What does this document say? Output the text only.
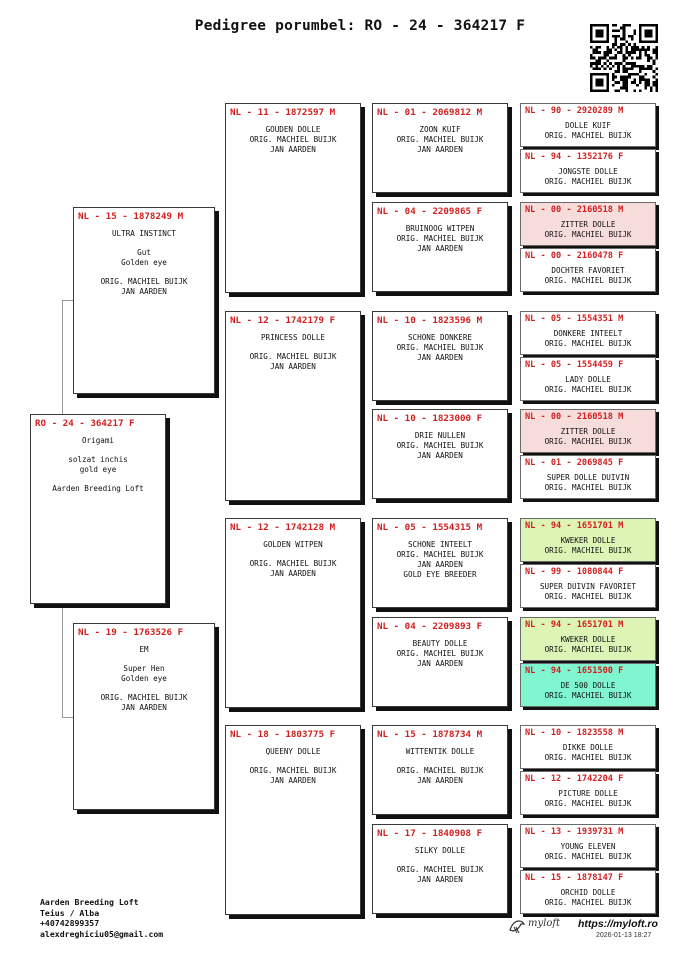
Pedigree porumbel: RO - 24 - 364217 F
RO - 24 - 364217 F
Origami
solzat inchis
gold eye
Aarden Breeding Loft
NL - 15 - 1878249 M
ULTRA INSTINCT
Gut
Golden eye
ORIG. MACHIEL BUIJK
JAN AARDEN
NL - 19 - 1763526 F
EM
Super Hen
Golden eye
ORIG. MACHIEL BUIJK
JAN AARDEN
NL - 11 - 1872597 M
GOUDEN DOLLE
ORIG. MACHIEL BUIJK
JAN AARDEN
NL - 12 - 1742179 F
PRINCESS DOLLE
ORIG. MACHIEL BUIJK
JAN AARDEN
NL - 12 - 1742128 M
GOLDEN WITPEN
ORIG. MACHIEL BUIJK
JAN AARDEN
NL - 18 - 1803775 F
QUEENY DOLLE
ORIG. MACHIEL BUIJK
JAN AARDEN
NL - 01 - 2069812 M
ZOON KUIF
ORIG. MACHIEL BUIJK
JAN AARDEN
NL - 04 - 2209865 F
BRUINOOG WITPEN
ORIG. MACHIEL BUIJK
JAN AARDEN
NL - 10 - 1823596 M
SCHONE DONKERE
ORIG. MACHIEL BUIJK
JAN AARDEN
NL - 10 - 1823000 F
DRIE NULLEN
ORIG. MACHIEL BUIJK
JAN AARDEN
NL - 05 - 1554315 M
SCHONE INTEELT
ORIG. MACHIEL BUIJK
JAN AARDEN
GOLD EYE BREEDER
NL - 04 - 2209893 F
BEAUTY DOLLE
ORIG. MACHIEL BUIJK
JAN AARDEN
NL - 15 - 1878734 M
WITTENTIK DOLLE
ORIG. MACHIEL BUIJK
JAN AARDEN
NL - 17 - 1840908 F
SILKY DOLLE
ORIG. MACHIEL BUIJK
JAN AARDEN
NL - 90 - 2920289 M
DOLLE KUIF
ORIG. MACHIEL BUIJK
NL - 94 - 1352176 F
JONGSTE DOLLE
ORIG. MACHIEL BUIJK
NL - 00 - 2160518 M
ZITTER DOLLE
ORIG. MACHIEL BUIJK
NL - 00 - 2160478 F
DOCHTER FAVORIET
ORIG. MACHIEL BUIJK
NL - 05 - 1554351 M
DONKERE INTEELT
ORIG. MACHIEL BUIJK
NL - 05 - 1554459 F
LADY DOLLE
ORIG. MACHIEL BUIJK
NL - 00 - 2160518 M
ZITTER DOLLE
ORIG. MACHIEL BUIJK
NL - 01 - 2069845 F
SUPER DOLLE DUIVIN
ORIG. MACHIEL BUIJK
NL - 94 - 1651701 M
KWEKER DOLLE
ORIG. MACHIEL BUIJK
NL - 99 - 1080844 F
SUPER DUIVIN FAVORIET
ORIG. MACHIEL BUIJK
NL - 94 - 1651701 M
KWEKER DOLLE
ORIG. MACHIEL BUIJK
NL - 94 - 1651500 F
DE 500 DOLLE
ORIG. MACHIEL BUIJK
NL - 10 - 1823558 M
DIKKE DOLLE
ORIG. MACHIEL BUIJK
NL - 12 - 1742204 F
PICTURE DOLLE
ORIG. MACHIEL BUIJK
NL - 13 - 1939731 M
YOUNG ELEVEN
ORIG. MACHIEL BUIJK
NL - 15 - 1878147 F
ORCHID DOLLE
ORIG. MACHIEL BUIJK
Aarden Breeding Loft
Teius / Alba
+40742899357
alexdreghiciu05@gmail.com
myloft https://myloft.ro
2026-01-13 18:27
